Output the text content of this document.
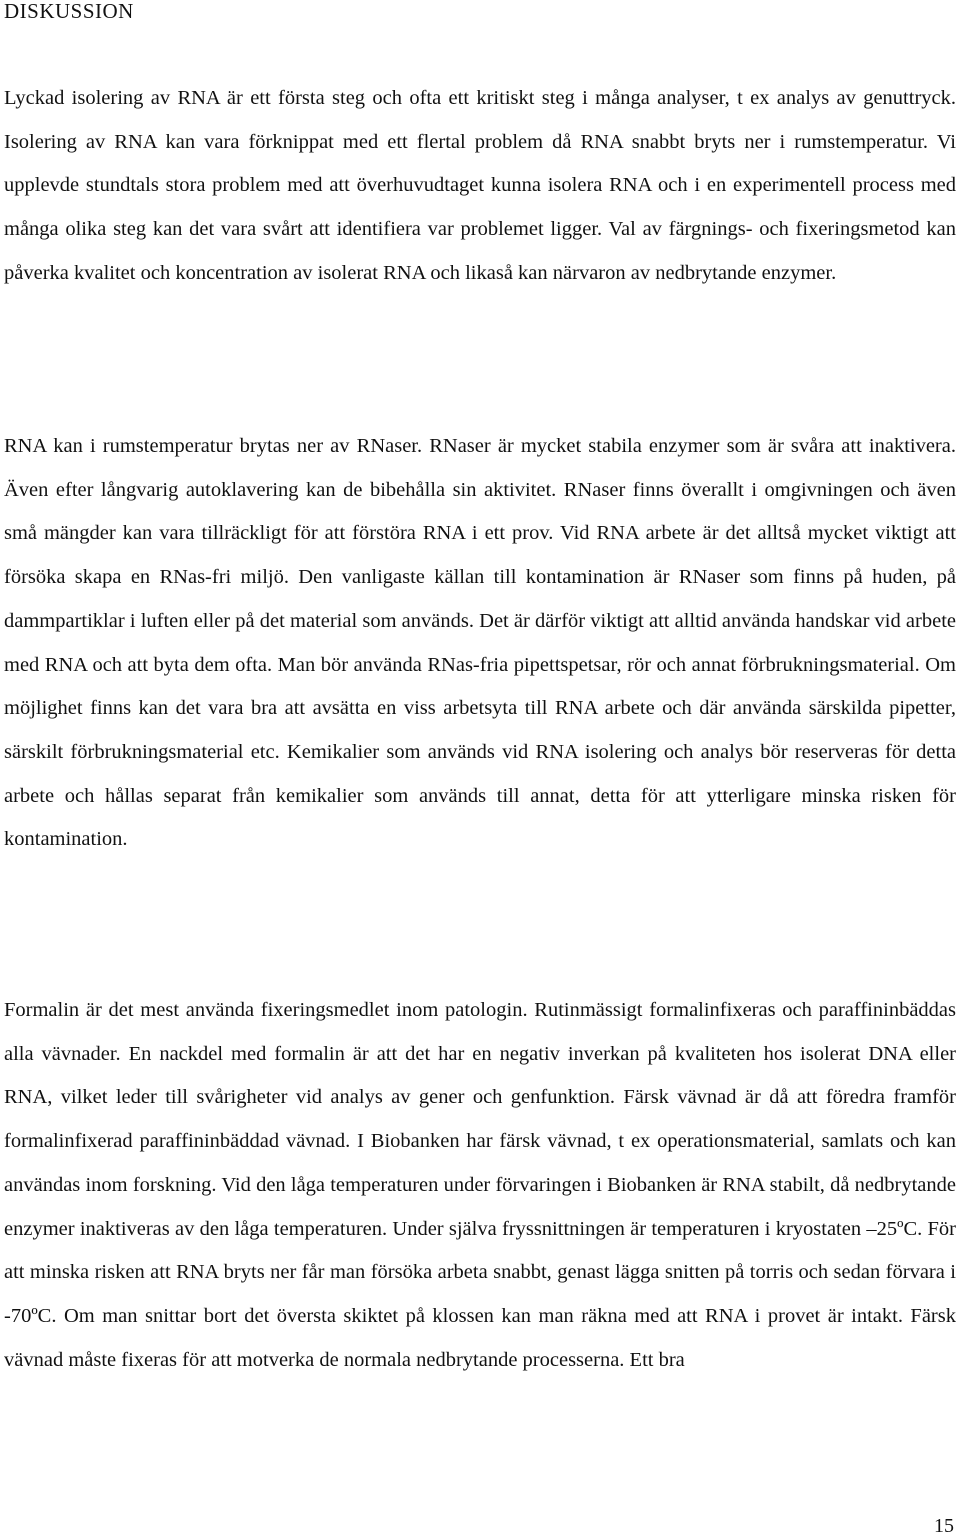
DISKUSSION

Lyckad isolering av RNA är ett första steg och ofta ett kritiskt steg i många analyser, t ex analys av genuttryck. Isolering av RNA kan vara förknippat med ett flertal problem då RNA snabbt bryts ner i rumstemperatur. Vi upplevde stundtals stora problem med att överhuvudtaget kunna isolera RNA och i en experimentell process med många olika steg kan det vara svårt att identifiera var problemet ligger. Val av färgnings- och fixeringsmetod kan påverka kvalitet och koncentration av isolerat RNA och likaså kan närvaron av nedbrytande enzymer.

RNA kan i rumstemperatur brytas ner av RNaser. RNaser är mycket stabila enzymer som är svåra att inaktivera. Även efter långvarig autoklavering kan de bibehålla sin aktivitet. RNaser finns överallt i omgivningen och även små mängder kan vara tillräckligt för att förstöra RNA i ett prov. Vid RNA arbete är det alltså mycket viktigt att försöka skapa en RNas-fri miljö. Den vanligaste källan till kontamination är RNaser som finns på huden, på dammpartiklar i luften eller på det material som används. Det är därför viktigt att alltid använda handskar vid arbete med RNA och att byta dem ofta. Man bör använda RNas-fria pipettspetsar, rör och annat förbrukningsmaterial. Om möjlighet finns kan det vara bra att avsätta en viss arbetsyta till RNA arbete och där använda särskilda pipetter, särskilt förbrukningsmaterial etc. Kemikalier som används vid RNA isolering och analys bör reserveras för detta arbete och hållas separat från kemikalier som används till annat, detta för att ytterligare minska risken för kontamination.

Formalin är det mest använda fixeringsmedlet inom patologin. Rutinmässigt formalinfixeras och paraffininbäddas alla vävnader. En nackdel med formalin är att det har en negativ inverkan på kvaliteten hos isolerat DNA eller RNA, vilket leder till svårigheter vid analys av gener och genfunktion. Färsk vävnad är då att föredra framför formalinfixerad paraffininbäddad vävnad. I Biobanken har färsk vävnad, t ex operationsmaterial, samlats och kan användas inom forskning. Vid den låga temperaturen under förvaringen i Biobanken är RNA stabilt, då nedbrytande enzymer inaktiveras av den låga temperaturen. Under själva fryssnittningen är temperaturen i kryostaten –25ºC. För att minska risken att RNA bryts ner får man försöka arbeta snabbt, genast lägga snitten på torris och sedan förvara i -70ºC. Om man snittar bort det översta skiktet på klossen kan man räkna med att RNA i provet är intakt. Färsk vävnad måste fixeras för att motverka de normala nedbrytande processerna. Ett bra

15
